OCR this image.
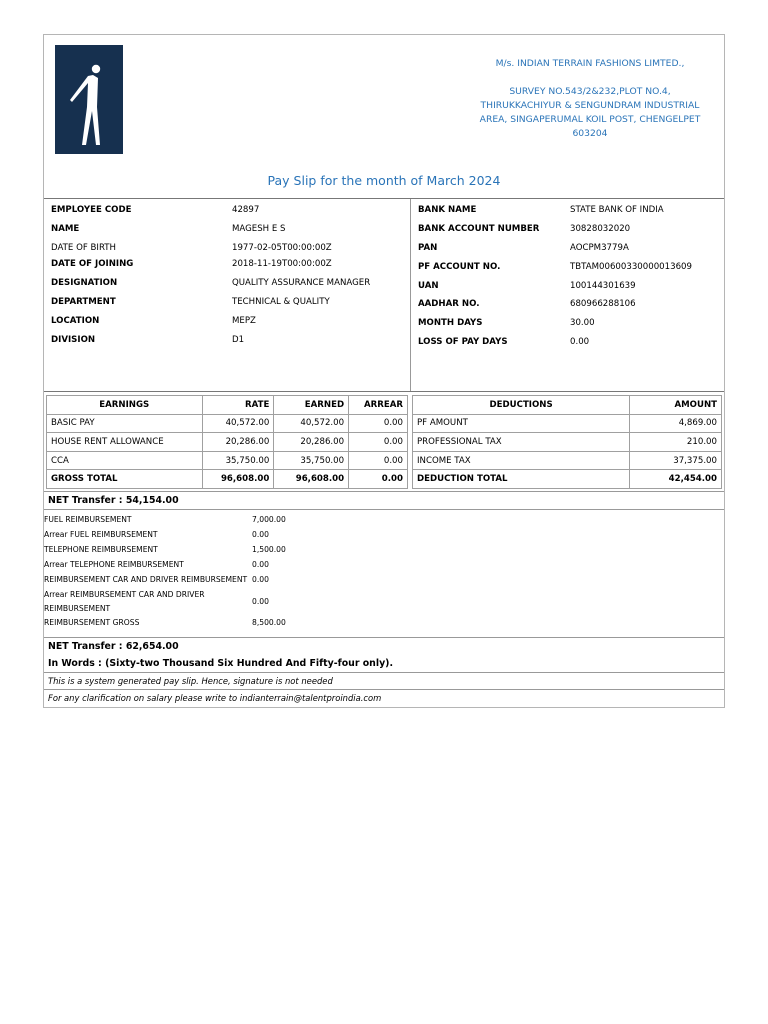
M/s. INDIAN TERRAIN FASHIONS LIMTED.,
SURVEY NO.543/2&232,PLOT NO.4,
THIRUKKACHIYUR & SENGUNDRAM INDUSTRIAL
AREA, SINGAPERUMAL KOIL POST, CHENGELPET
603204
Pay Slip for the month of March 2024
EMPLOYEE CODE	42897
NAME	MAGESH E S
DATE OF BIRTH	1977-02-05T00:00:00Z
DATE OF JOINING	2018-11-19T00:00:00Z
DESIGNATION	QUALITY ASSURANCE MANAGER
DEPARTMENT	TECHNICAL & QUALITY
LOCATION	MEPZ
DIVISION	D1
BANK NAME	STATE BANK OF INDIA
BANK ACCOUNT NUMBER	30828032020
PAN	AOCPM3779A
PF ACCOUNT NO.	TBTAM00600330000013609
UAN	100144301639
AADHAR NO.	680966288106
MONTH DAYS	30.00
LOSS OF PAY DAYS	0.00
EARNINGS	RATE	EARNED	ARREAR
BASIC PAY	40,572.00	40,572.00	0.00
HOUSE RENT ALLOWANCE	20,286.00	20,286.00	0.00
CCA	35,750.00	35,750.00	0.00
GROSS TOTAL	96,608.00	96,608.00	0.00
DEDUCTIONS	AMOUNT
PF AMOUNT	4,869.00
PROFESSIONAL TAX	210.00
INCOME TAX	37,375.00
DEDUCTION TOTAL	42,454.00
NET Transfer : 54,154.00
FUEL REIMBURSEMENT	7,000.00
Arrear FUEL REIMBURSEMENT	0.00
TELEPHONE REIMBURSEMENT	1,500.00
Arrear TELEPHONE REIMBURSEMENT	0.00
REIMBURSEMENT CAR AND DRIVER REIMBURSEMENT 0.00
Arrear REIMBURSEMENT CAR AND DRIVER REIMBURSEMENT
0.00
REIMBURSEMENT GROSS	8,500.00
NET Transfer : 62,654.00
In Words : (Sixty-two Thousand Six Hundred And Fifty-four only).
This is a system generated pay slip. Hence, signature is not needed
For any clarification on salary please write to indianterrain@talentproindia.com
